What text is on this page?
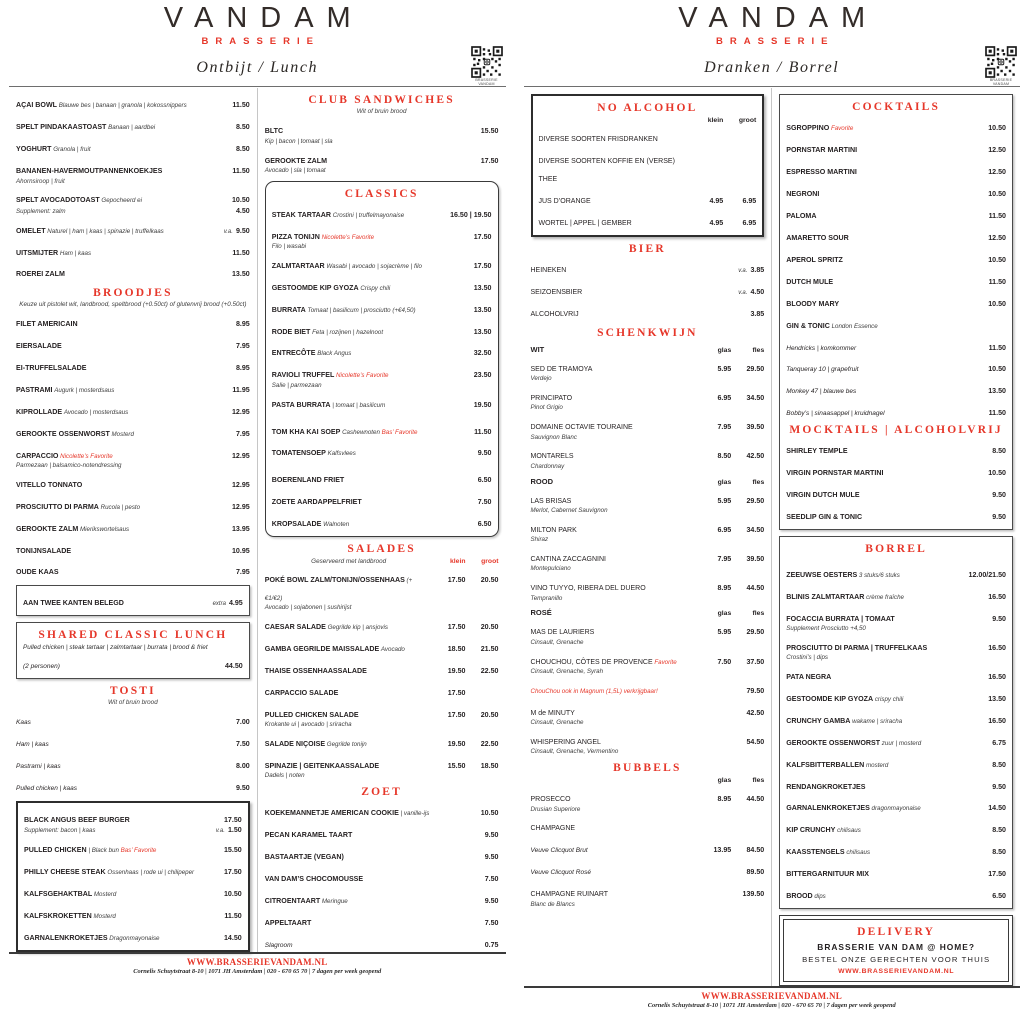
VANDAM
BRASSERIE
Ontbijt / Lunch
BRASSERIE VANDAM
AÇAI BOWL Blauwe bes | banaan | granola | kokossnippers	11.50
SPELT PINDAKAASTOAST Banaan | aardbei	8.50
YOGHURT Granola | fruit	8.50
BANANEN-HAVERMOUTPANNENKOEKJES	11.50
Ahornsiroop | fruit
SPELT AVOCADOTOAST Gepocheerd ei	10.50
Supplement: zalm	4.50
OMELET Naturel | ham | kaas | spinazie | truffelkaas	v.a. 9.50
UITSMIJTER Ham | kaas	11.50
ROEREI ZALM	13.50
BROODJES
Keuze uit pistolet wit, landbrood, speltbrood (+0.50ct) of glutenvrij brood (+0.50ct)
FILET AMERICAIN	8.95
EIERSALADE	7.95
EI-TRUFFELSALADE	8.95
PASTRAMI Augurk | mosterdsaus	11.95
KIPROLLADE Avocado | mosterdsaus	12.95
GEROOKTE OSSENWORST Mosterd	7.95
CARPACCIO Nicolette’s Favorite	12.95
Parmezaan | balsamico-notendressing
VITELLO TONNATO	12.95
PROSCIUTTO DI PARMA Rucola | pesto	12.95
GEROOKTE ZALM Mierikswortelsaus	13.95
TONIJNSALADE	10.95
OUDE KAAS	7.95
AAN TWEE KANTEN BELEGD	extra 4.95
SHARED CLASSIC LUNCH
Pulled chicken | steak tartaar | zalmtartaar | burrata | brood & friet
(2 personen)	44.50
TOSTI
Wit of bruin brood
Kaas	7.00
Ham | kaas	7.50
Pastrami | kaas	8.00
Pulled chicken | kaas	9.50
BLACK ANGUS BEEF BURGER	17.50
Supplement: bacon | kaas	v.a. 1.50
PULLED CHICKEN | Black bun Bas’ Favorite	15.50
PHILLY CHEESE STEAK Ossenhaas | rode ui | chilipeper	17.50
KALFSGEHAKTBAL Mosterd	10.50
KALFSKROKETTEN Mosterd	11.50
GARNALENKROKETJES Dragonmayonaise	14.50
CLUB SANDWICHES
Wit of bruin brood
BLTC	15.50
Kip | bacon | tomaat | sla
GEROOKTE ZALM	17.50
Avocado | sla | tomaat
CLASSICS
STEAK TARTAAR Crostini | truffelmayonaise	16.50 | 19.50
PIZZA TONIJN Nicolette’s Favorite	17.50
Filo | wasabi
ZALMTARTAAR Wasabi | avocado | sojacrème | filo	17.50
GESTOOMDE KIP GYOZA Crispy chili	13.50
BURRATA Tomaat | basilicum | prosciutto (+€4,50)	13.50
RODE BIET Feta | rozijnen | hazelnoot	13.50
ENTRECÔTE Black Angus	32.50
RAVIOLI TRUFFEL Nicolette’s Favorite	23.50
Salie | parmezaan
PASTA BURRATA | tomaat | basilicum	19.50
TOM KHA KAI SOEP Cashewnoten Bas’ Favorite	11.50
TOMATENSOEP Kalfsvlees	9.50
BOERENLAND FRIET	6.50
ZOETE AARDAPPELFRIET	7.50
KROPSALADE Walnoten	6.50
SALADES
Geserveerd met landbrood	klein	groot
POKÉ BOWL ZALM/TONIJN/OSSENHAAS (+€1/€2)
17.50	20.50
Avocado | sojabonen | sushirijst
CAESAR SALADE Gegrilde kip | ansjovis	17.50	20.50
GAMBA GEGRILDE MAISSALADE Avocado	18.50	21.50
THAISE OSSENHAASSALADE	19.50	22.50
CARPACCIO SALADE	17.50
PULLED CHICKEN SALADE	17.50	20.50
Krokante ui | avocado | sriracha
SALADE NIÇOISE Gegrilde tonijn	19.50	22.50
SPINAZIE | GEITENKAASSALADE	15.50	18.50
Dadels | noten
ZOET
KOEKEMANNETJE AMERICAN COOKIE | vanille-ijs	10.50
PECAN KARAMEL TAART	9.50
BASTAARTJE (VEGAN)	9.50
VAN DAM’S CHOCOMOUSSE	7.50
CITROENTAART Meringue	9.50
APPELTAART	7.50
Slagroom	0.75
WWW.BRASSERIEVANDAM.NL
Cornelis Schuytstraat 8-10 | 1071 JH Amsterdam | 020 - 670 65 70 | 7 dagen per week geopend
VANDAM
BRASSERIE
Dranken / Borrel
BRASSERIE VANDAM
NO ALCOHOL
klein	groot
DIVERSE SOORTEN FRISDRANKEN
DIVERSE SOORTEN KOFFIE EN (VERSE) THEE
JUS D’ORANGE	4.95	6.95
WORTEL | APPEL | GEMBER	4.95	6.95
BIER
HEINEKEN	v.a. 3.85
SEIZOENSBIER	v.a. 4.50
ALCOHOLVRIJ	3.85
SCHENKWIJN
WIT	glas	fles
SED DE TRAMOYA	5.95	29.50
Verdejo
PRINCIPATO	6.95	34.50
Pinot Grigio
DOMAINE OCTAVIE TOURAINE	7.95	39.50
Sauvignon Blanc
MONTARELS	8.50	42.50
Chardonnay
ROOD	glas	fles
LAS BRISAS	5.95	29.50
Merlot, Cabernet Sauvignon
MILTON PARK	6.95	34.50
Shiraz
CANTINA ZACCAGNINI	7.95	39.50
Montepulciano
VINO TUYYO, RIBERA DEL DUERO	8.95	44.50
Tempranillo
ROSÉ	glas	fles
MAS DE LAURIERS	5.95	29.50
Cinsault, Grenache
CHOUCHOU, CÔTES DE PROVENCE Favorite	7.50	37.50
Cinsault, Grenache, Syrah
ChouChou ook in Magnum (1,5L) verkrijgbaar!	79.50
M de MINUTY	42.50
Cinsault, Grenache
WHISPERING ANGEL	54.50
Cinsault, Grenache, Vermentino
BUBBELS
glas	fles
PROSECCO	8.95	44.50
Drusian Superiore
CHAMPAGNE
Veuve Clicquot Brut	13.95	84.50
Veuve Clicquot Rosé	89.50
CHAMPAGNE RUINART	139.50
Blanc de Blancs
COCKTAILS
SGROPPINO Favorite	10.50
PORNSTAR MARTINI	12.50
ESPRESSO MARTINI	12.50
NEGRONI	10.50
PALOMA	11.50
AMARETTO SOUR	12.50
APEROL SPRITZ	10.50
DUTCH MULE	11.50
BLOODY MARY	10.50
GIN & TONIC London Essence
Hendricks | komkommer	11.50
Tanqueray 10 | grapefruit	10.50
Monkey 47 | blauwe bes	13.50
Bobby’s | sinaasappel | kruidnagel	11.50
MOCKTAILS | ALCOHOLVRIJ
SHIRLEY TEMPLE	8.50
VIRGIN PORNSTAR MARTINI	10.50
VIRGIN DUTCH MULE	9.50
SEEDLIP GIN & TONIC	9.50
BORREL
ZEEUWSE OESTERS 3 stuks/6 stuks	12.00/21.50
BLINIS ZALMTARTAAR crème fraîche	16.50
FOCACCIA BURRATA | TOMAAT	9.50
Supplement Prosciutto +4,50
PROSCIUTTO DI PARMA | TRUFFELKAAS	16.50
Crostini’s | dips
PATA NEGRA	16.50
GESTOOMDE KIP GYOZA crispy chili	13.50
CRUNCHY GAMBA wakame | sriracha	16.50
GEROOKTE OSSENWORST zuur | mosterd	6.75
KALFSBITTERBALLEN mosterd	8.50
RENDANGKROKETJES	9.50
GARNALENKROKETJES dragonmayonaise	14.50
KIP CRUNCHY chilisaus	8.50
KAASSTENGELS chilisaus	8.50
BITTERGARNITUUR MIX	17.50
BROOD dips	6.50
DELIVERY
BRASSERIE VAN DAM @ HOME?
BESTEL ONZE GERECHTEN VOOR THUIS
WWW.BRASSERIEVANDAM.NL
WWW.BRASSERIEVANDAM.NL
Cornelis Schuytstraat 8-10 | 1071 JH Amsterdam | 020 - 670 65 70 | 7 dagen per week geopend
